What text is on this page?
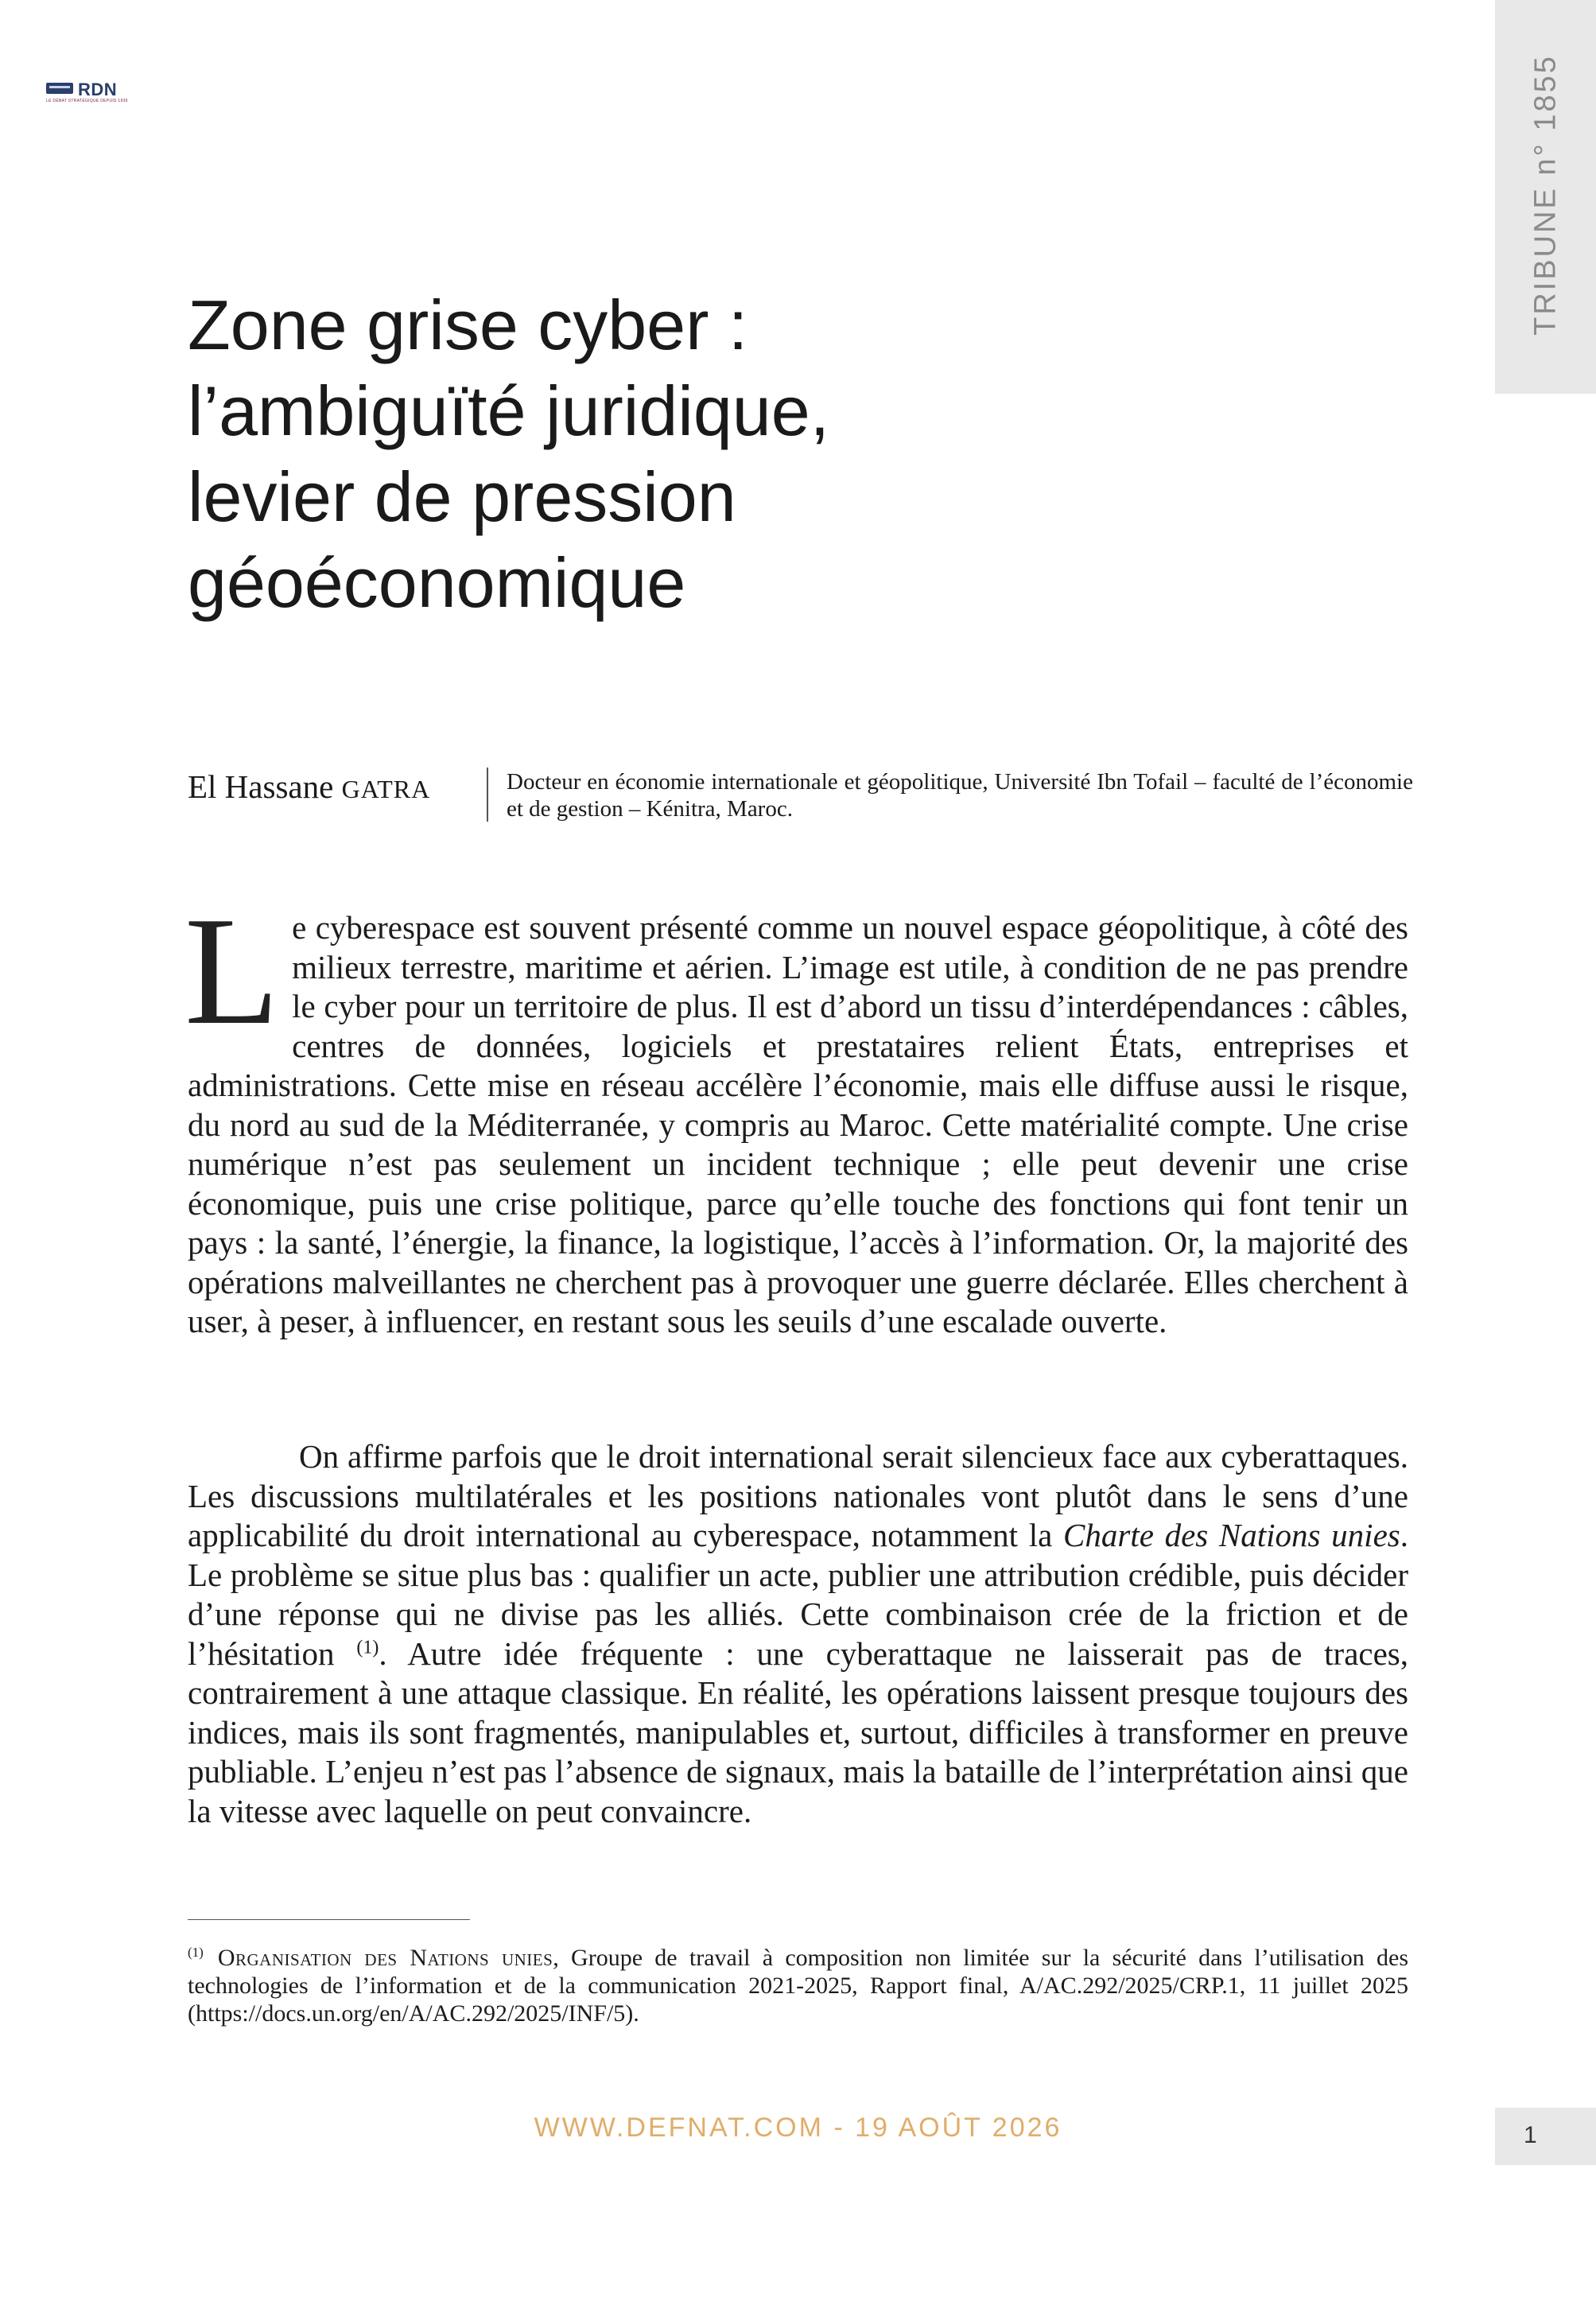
RDN
LE DÉBAT STRATÉGIQUE DEPUIS 1939	TRIBUNE n° 1855
Zone grise cyber :
l’ambiguïté juridique,
levier de pression
géoéconomique
El Hassane GATRA	Docteur en économie internationale et géopolitique, Université Ibn Tofail – faculté de l’économie et de gestion – Kénitra, Maroc.
Le cyberespace est souvent présenté comme un nouvel espace géopolitique, à côté des milieux terrestre, maritime et aérien. L’image est utile, à condition de ne pas prendre le cyber pour un territoire de plus. Il est d’abord un tissu d’interdépendances : câbles, centres de données, logiciels et prestataires relient États, entreprises et administrations. Cette mise en réseau accélère l’économie, mais elle diffuse aussi le risque, du nord au sud de la Méditerranée, y compris au Maroc. Cette matérialité compte. Une crise numérique n’est pas seulement un incident technique ; elle peut devenir une crise économique, puis une crise politique, parce qu’elle touche des fonctions qui font tenir un pays : la santé, l’énergie, la finance, la logistique, l’accès à l’information. Or, la majorité des opérations malveillantes ne cherchent pas à provoquer une guerre déclarée. Elles cherchent à user, à peser, à influencer, en restant sous les seuils d’une escalade ouverte.
On affirme parfois que le droit international serait silencieux face aux cyberattaques. Les discussions multilatérales et les positions nationales vont plutôt dans le sens d’une applicabilité du droit international au cyberespace, notamment la Charte des Nations unies. Le problème se situe plus bas : qualifier un acte, publier une attribution crédible, puis décider d’une réponse qui ne divise pas les alliés. Cette combinaison crée de la friction et de l’hésitation $^{(1)}$. Autre idée fréquente : une cyberattaque ne laisserait pas de traces, contrairement à une attaque classique. En réalité, les opérations laissent presque toujours des indices, mais ils sont fragmentés, manipulables et, surtout, difficiles à transformer en preuve publiable. L’enjeu n’est pas l’absence de signaux, mais la bataille de l’interprétation ainsi que la vitesse avec laquelle on peut convaincre.
$^{(1)}$ Organisation des Nations unies, Groupe de travail à composition non limitée sur la sécurité dans l’utilisation des technologies de l’information et de la communication 2021-2025, Rapport final, A/AC.292/2025/CRP.1, 11 juillet 2025 (https://docs.un.org/en/A/AC.292/2025/INF/5).
WWW.DEFNAT.COM - 19 AOÛT 2026	1
